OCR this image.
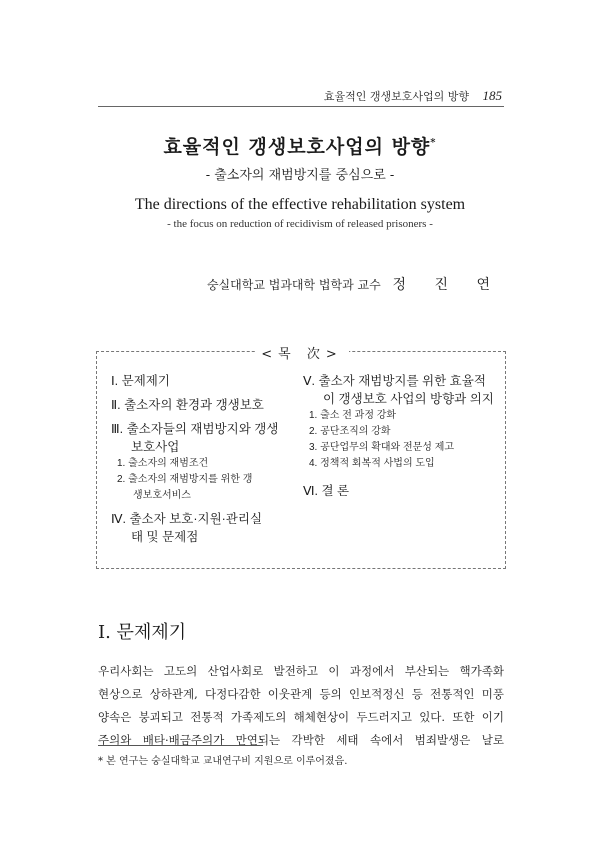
효율적인 갱생보호사업의 방향 185
효율적인 갱생보호사업의 방향*
- 출소자의 재범방지를 중심으로 -
The directions of the effective rehabilitation system
- the focus on reduction of recidivism of released prisoners -
숭실대학교 법과대학 법학과 교수 정 진 연
<목 次>
Ⅰ. 문제제기
Ⅱ. 출소자의 환경과 갱생보호
Ⅲ. 출소자들의 재범방지와 갱생
보호사업
1. 출소자의 재범조건
2. 출소자의 재범방지를 위한 갱
생보호서비스
Ⅳ. 출소자 보호·지원·관리실
태 및 문제점
Ⅴ. 출소자 재범방지를 위한 효율적
이 갱생보호 사업의 방향과 의지
1. 출소 전 과정 강화
2. 공단조직의 강화
3. 공단업무의 확대와 전문성 제고
4. 정책적 회복적 사법의 도입
Ⅵ. 결 론
Ⅰ. 문제제기
우리사회는 고도의 산업사회로 발전하고 이 과정에서 부산되는 핵가족화
현상으로 상하관계, 다정다감한 이웃관계 등의 인보적정신 등 전통적인 미풍
양속은 붕괴되고 전통적 가족제도의 해체현상이 두드러지고 있다. 또한 이기
주의와 배타·배금주의가 만연되는 각박한 세태 속에서 범죄발생은 날로
* 본 연구는 숭실대학교 교내연구비 지원으로 이루어졌음.
